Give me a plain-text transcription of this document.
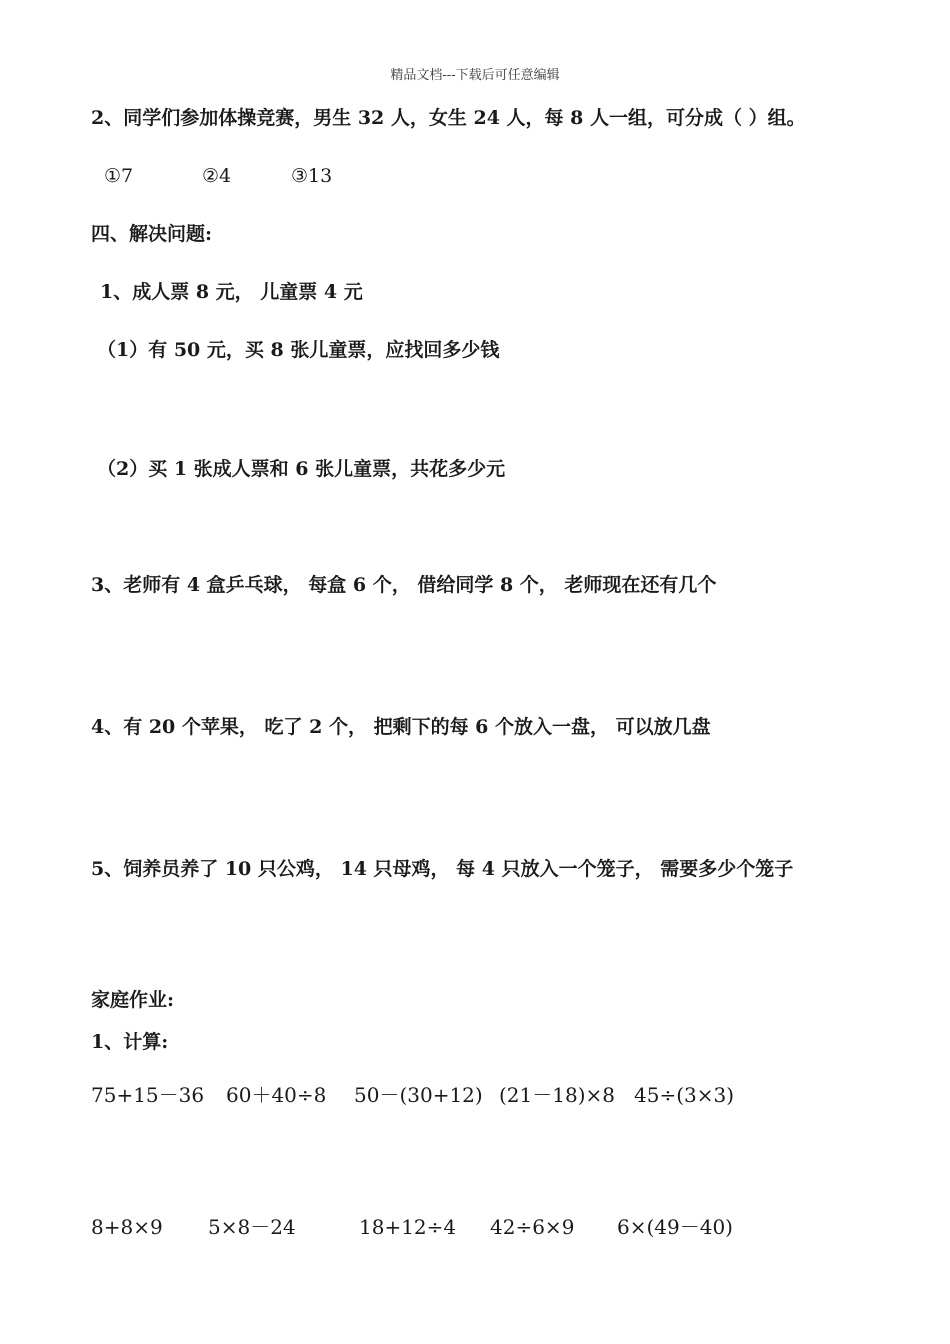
精品文档---下载后可任意编辑
2、同学们参加体操竞赛，男生 32 人，女生 24 人，每 8 人一组，可分成（ ）组。
①7	②4	③13
四、解决问题:
1、成人票 8 元， 儿童票 4 元
（1）有 50 元，买 8 张儿童票，应找回多少钱
（2）买 1 张成人票和 6 张儿童票，共花多少元
3、老师有 4 盒乒乓球， 每盒 6 个， 借给同学 8 个， 老师现在还有几个
4、有 20 个苹果， 吃了 2 个， 把剩下的每 6 个放入一盘， 可以放几盘
5、饲养员养了 10 只公鸡， 14 只母鸡， 每 4 只放入一个笼子， 需要多少个笼子
家庭作业:
1、计算:
75+15－36 60＋40÷8 50－(30+12) (21－18)×8 45÷(3×3)
8+8×9 5×8－24	18+12÷4 42÷6×9 6×(49－40)
